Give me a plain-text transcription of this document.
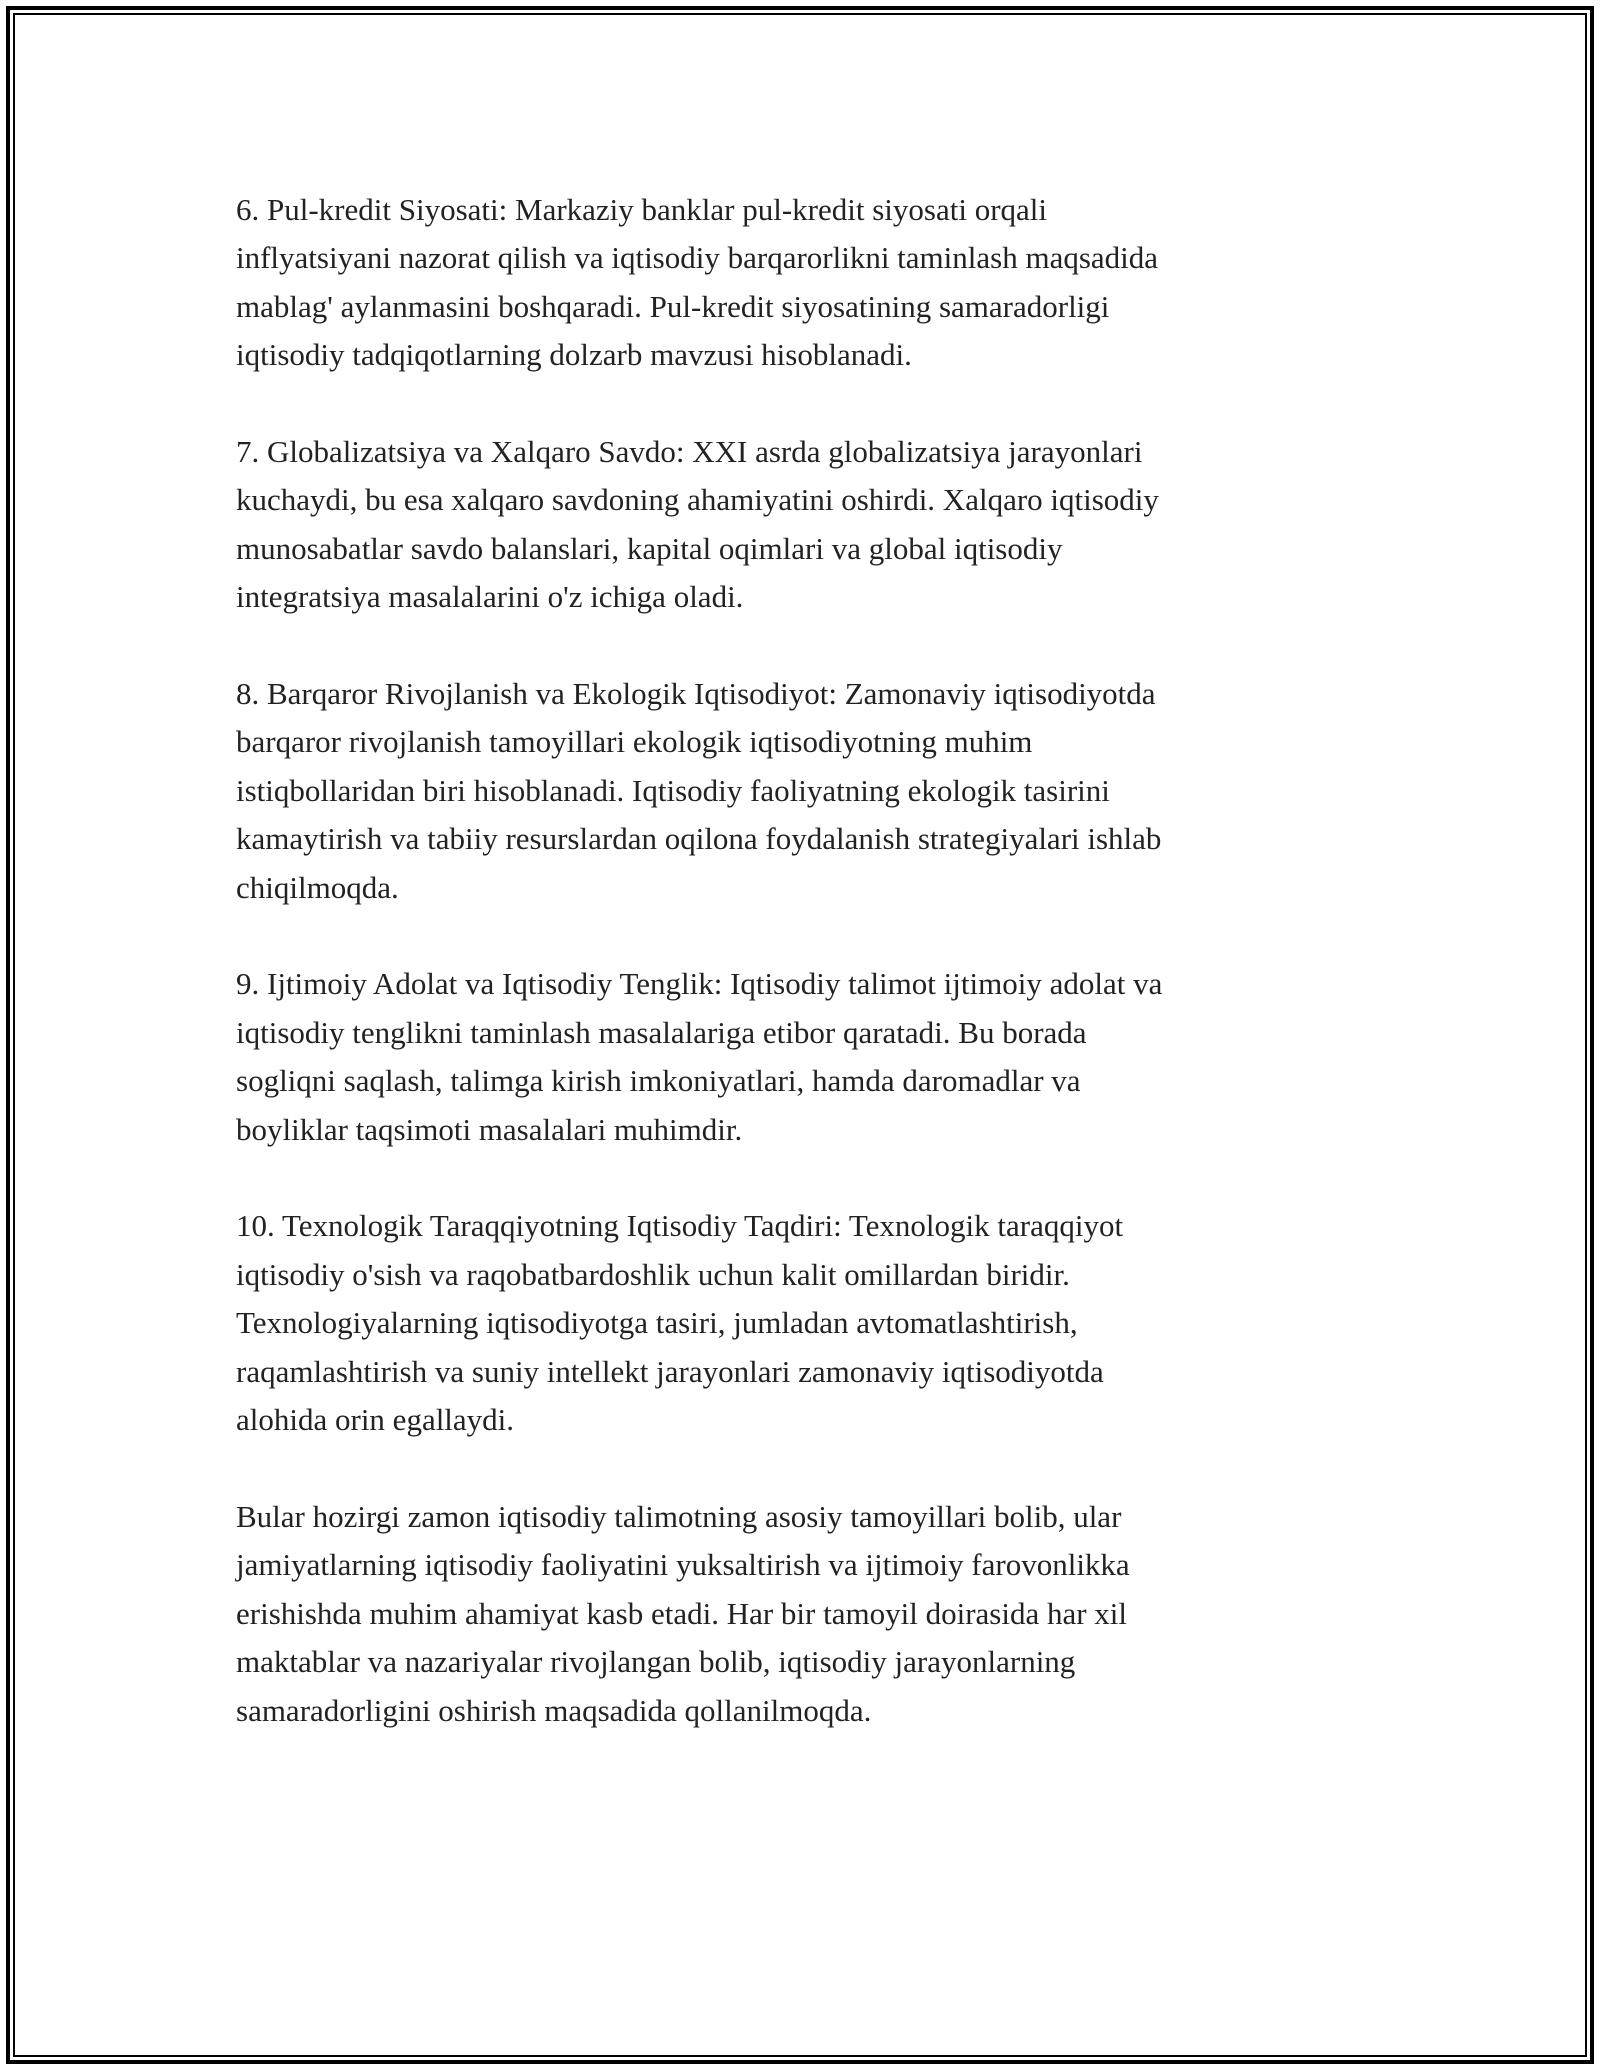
6. Pul-kredit Siyosati: Markaziy banklar pul-kredit siyosati orqali
inflyatsiyani nazorat qilish va iqtisodiy barqarorlikni taminlash maqsadida
mablag' aylanmasini boshqaradi. Pul-kredit siyosatining samaradorligi
iqtisodiy tadqiqotlarning dolzarb mavzusi hisoblanadi.

7. Globalizatsiya va Xalqaro Savdo: XXI asrda globalizatsiya jarayonlari
kuchaydi, bu esa xalqaro savdoning ahamiyatini oshirdi. Xalqaro iqtisodiy
munosabatlar savdo balanslari, kapital oqimlari va global iqtisodiy
integratsiya masalalarini o'z ichiga oladi.

8. Barqaror Rivojlanish va Ekologik Iqtisodiyot: Zamonaviy iqtisodiyotda
barqaror rivojlanish tamoyillari ekologik iqtisodiyotning muhim
istiqbollaridan biri hisoblanadi. Iqtisodiy faoliyatning ekologik tasirini
kamaytirish va tabiiy resurslardan oqilona foydalanish strategiyalari ishlab
chiqilmoqda.

9. Ijtimoiy Adolat va Iqtisodiy Tenglik: Iqtisodiy talimot ijtimoiy adolat va
iqtisodiy tenglikni taminlash masalalariga etibor qaratadi. Bu borada
sogliqni saqlash, talimga kirish imkoniyatlari, hamda daromadlar va
boyliklar taqsimoti masalalari muhimdir.

10. Texnologik Taraqqiyotning Iqtisodiy Taqdiri: Texnologik taraqqiyot
iqtisodiy o'sish va raqobatbardoshlik uchun kalit omillardan biridir.
Texnologiyalarning iqtisodiyotga tasiri, jumladan avtomatlashtirish,
raqamlashtirish va suniy intellekt jarayonlari zamonaviy iqtisodiyotda
alohida orin egallaydi.

Bular hozirgi zamon iqtisodiy talimotning asosiy tamoyillari bolib, ular
jamiyatlarning iqtisodiy faoliyatini yuksaltirish va ijtimoiy farovonlikka
erishishda muhim ahamiyat kasb etadi. Har bir tamoyil doirasida har xil
maktablar va nazariyalar rivojlangan bolib, iqtisodiy jarayonlarning
samaradorligini oshirish maqsadida qollanilmoqda.
